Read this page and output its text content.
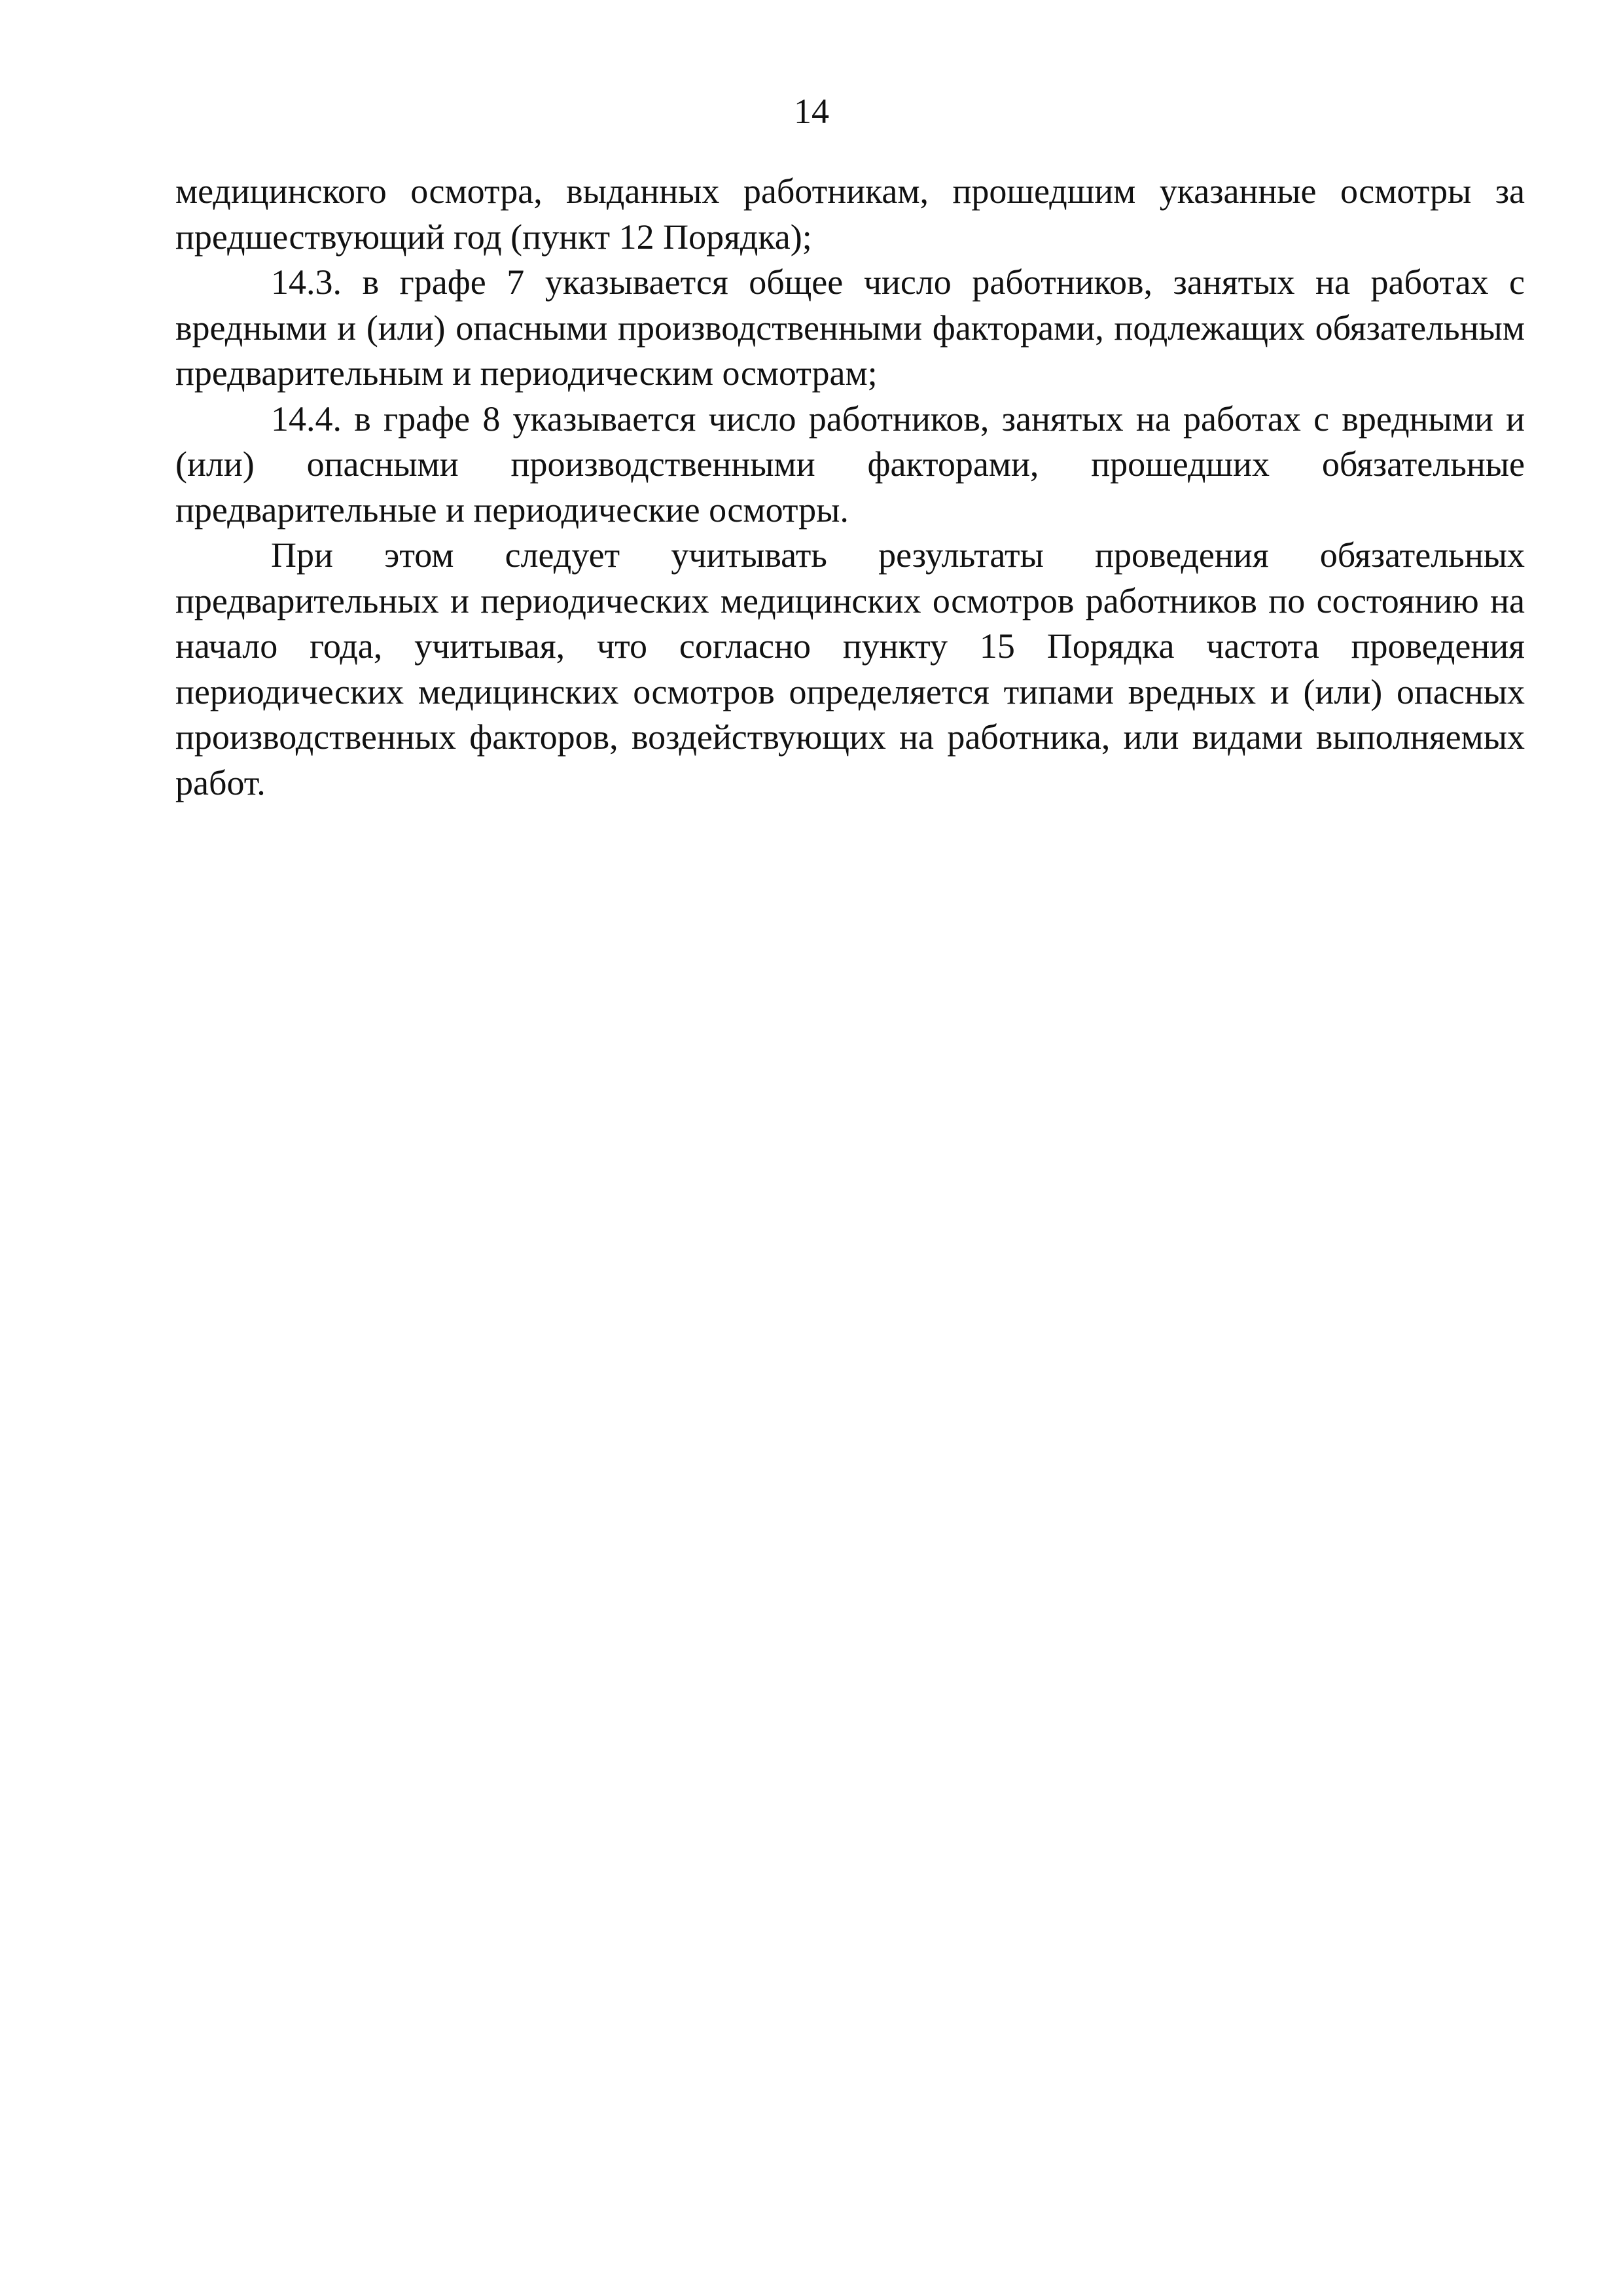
14

медицинского осмотра, выданных работникам, прошедшим указанные осмотры за предшествующий год (пункт 12 Порядка);

14.3. в графе 7 указывается общее число работников, занятых на работах с вредными и (или) опасными производственными факторами, подлежащих обязательным предварительным и периодическим осмотрам;

14.4. в графе 8 указывается число работников, занятых на работах с вредными и (или) опасными производственными факторами, прошедших обязательные предварительные и периодические осмотры.

При этом следует учитывать результаты проведения обязательных предварительных и периодических медицинских осмотров работников по состоянию на начало года, учитывая, что согласно пункту 15 Порядка частота проведения периодических медицинских осмотров определяется типами вредных и (или) опасных производственных факторов, воздействующих на работника, или видами выполняемых работ.
